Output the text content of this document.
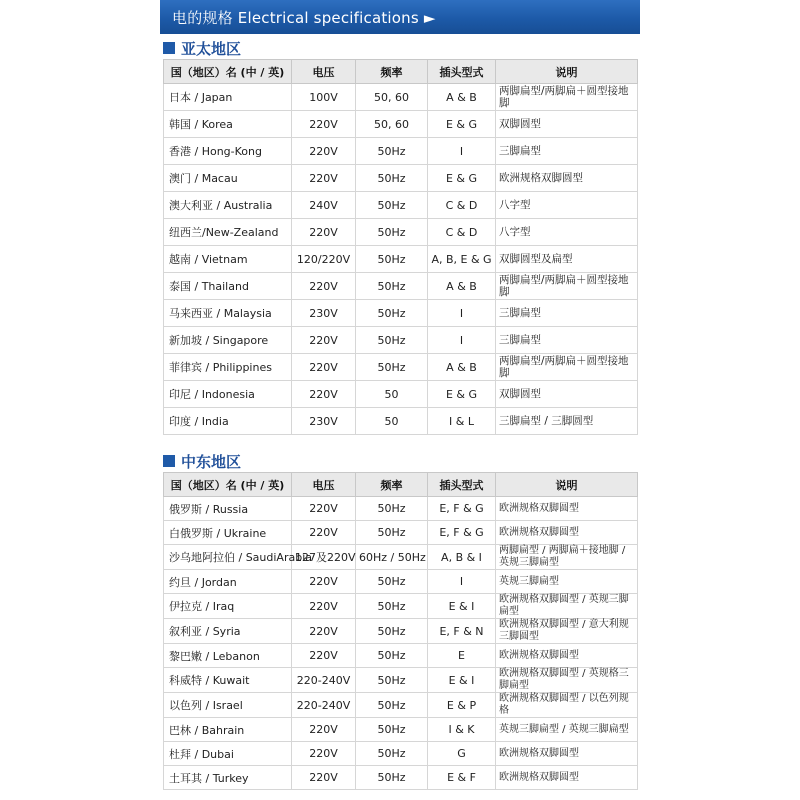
电的规格 Electrical specifications ►
亚太地区
国（地区）名 (中 / 英)	电压	频率	插头型式	说明
日本 / Japan	100V	50, 60	A & B	两脚扁型/两脚扁＋圆型接地脚
韩国 / Korea	220V	50, 60	E & G	双脚圆型
香港 / Hong-Kong	220V	50Hz	I	三脚扁型
澳门 / Macau	220V	50Hz	E & G	欧洲规格双脚圆型
澳大利亚 / Australia	240V	50Hz	C & D	八字型
纽西兰/New-Zealand	220V	50Hz	C & D	八字型
越南 / Vietnam	120/220V	50Hz	A, B, E & G	双脚圆型及扁型
泰国 / Thailand	220V	50Hz	A & B	两脚扁型/两脚扁＋圆型接地脚
马来西亚 / Malaysia	230V	50Hz	I	三脚扁型
新加坡 / Singapore	220V	50Hz	I	三脚扁型
菲律宾 / Philippines	220V	50Hz	A & B	两脚扁型/两脚扁＋圆型接地脚
印尼 / Indonesia	220V	50	E & G	双脚圆型
印度 / India	230V	50	I & L	三脚扁型 / 三脚圆型
中东地区
国（地区）名 (中 / 英)	电压	频率	插头型式	说明
俄罗斯 / Russia	220V	50Hz	E, F & G	欧洲规格双脚圆型
白俄罗斯 / Ukraine	220V	50Hz	E, F & G	欧洲规格双脚圆型
沙乌地阿拉伯 / SaudiArabia	127及220V	60Hz / 50Hz	A, B & I	两脚扁型 / 两脚扁＋接地脚 / 英规三脚扁型
约旦 / Jordan	220V	50Hz	I	英规三脚扁型
伊拉克 / Iraq	220V	50Hz	E & I	欧洲规格双脚圆型 / 英规三脚扁型
叙利亚 / Syria	220V	50Hz	E, F & N	欧洲规格双脚圆型 / 意大利规三脚圆型
黎巴嫩 / Lebanon	220V	50Hz	E	欧洲规格双脚圆型
科威特 / Kuwait	220-240V	50Hz	E & I	欧洲规格双脚圆型 / 英规格三脚扁型
以色列 / Israel	220-240V	50Hz	E & P	欧洲规格双脚圆型 / 以色列规格
巴林 / Bahrain	220V	50Hz	I & K	英规三脚扁型 / 英规三脚扁型
杜拜 / Dubai	220V	50Hz	G	欧洲规格双脚圆型
土耳其 / Turkey	220V	50Hz	E & F	欧洲规格双脚圆型
